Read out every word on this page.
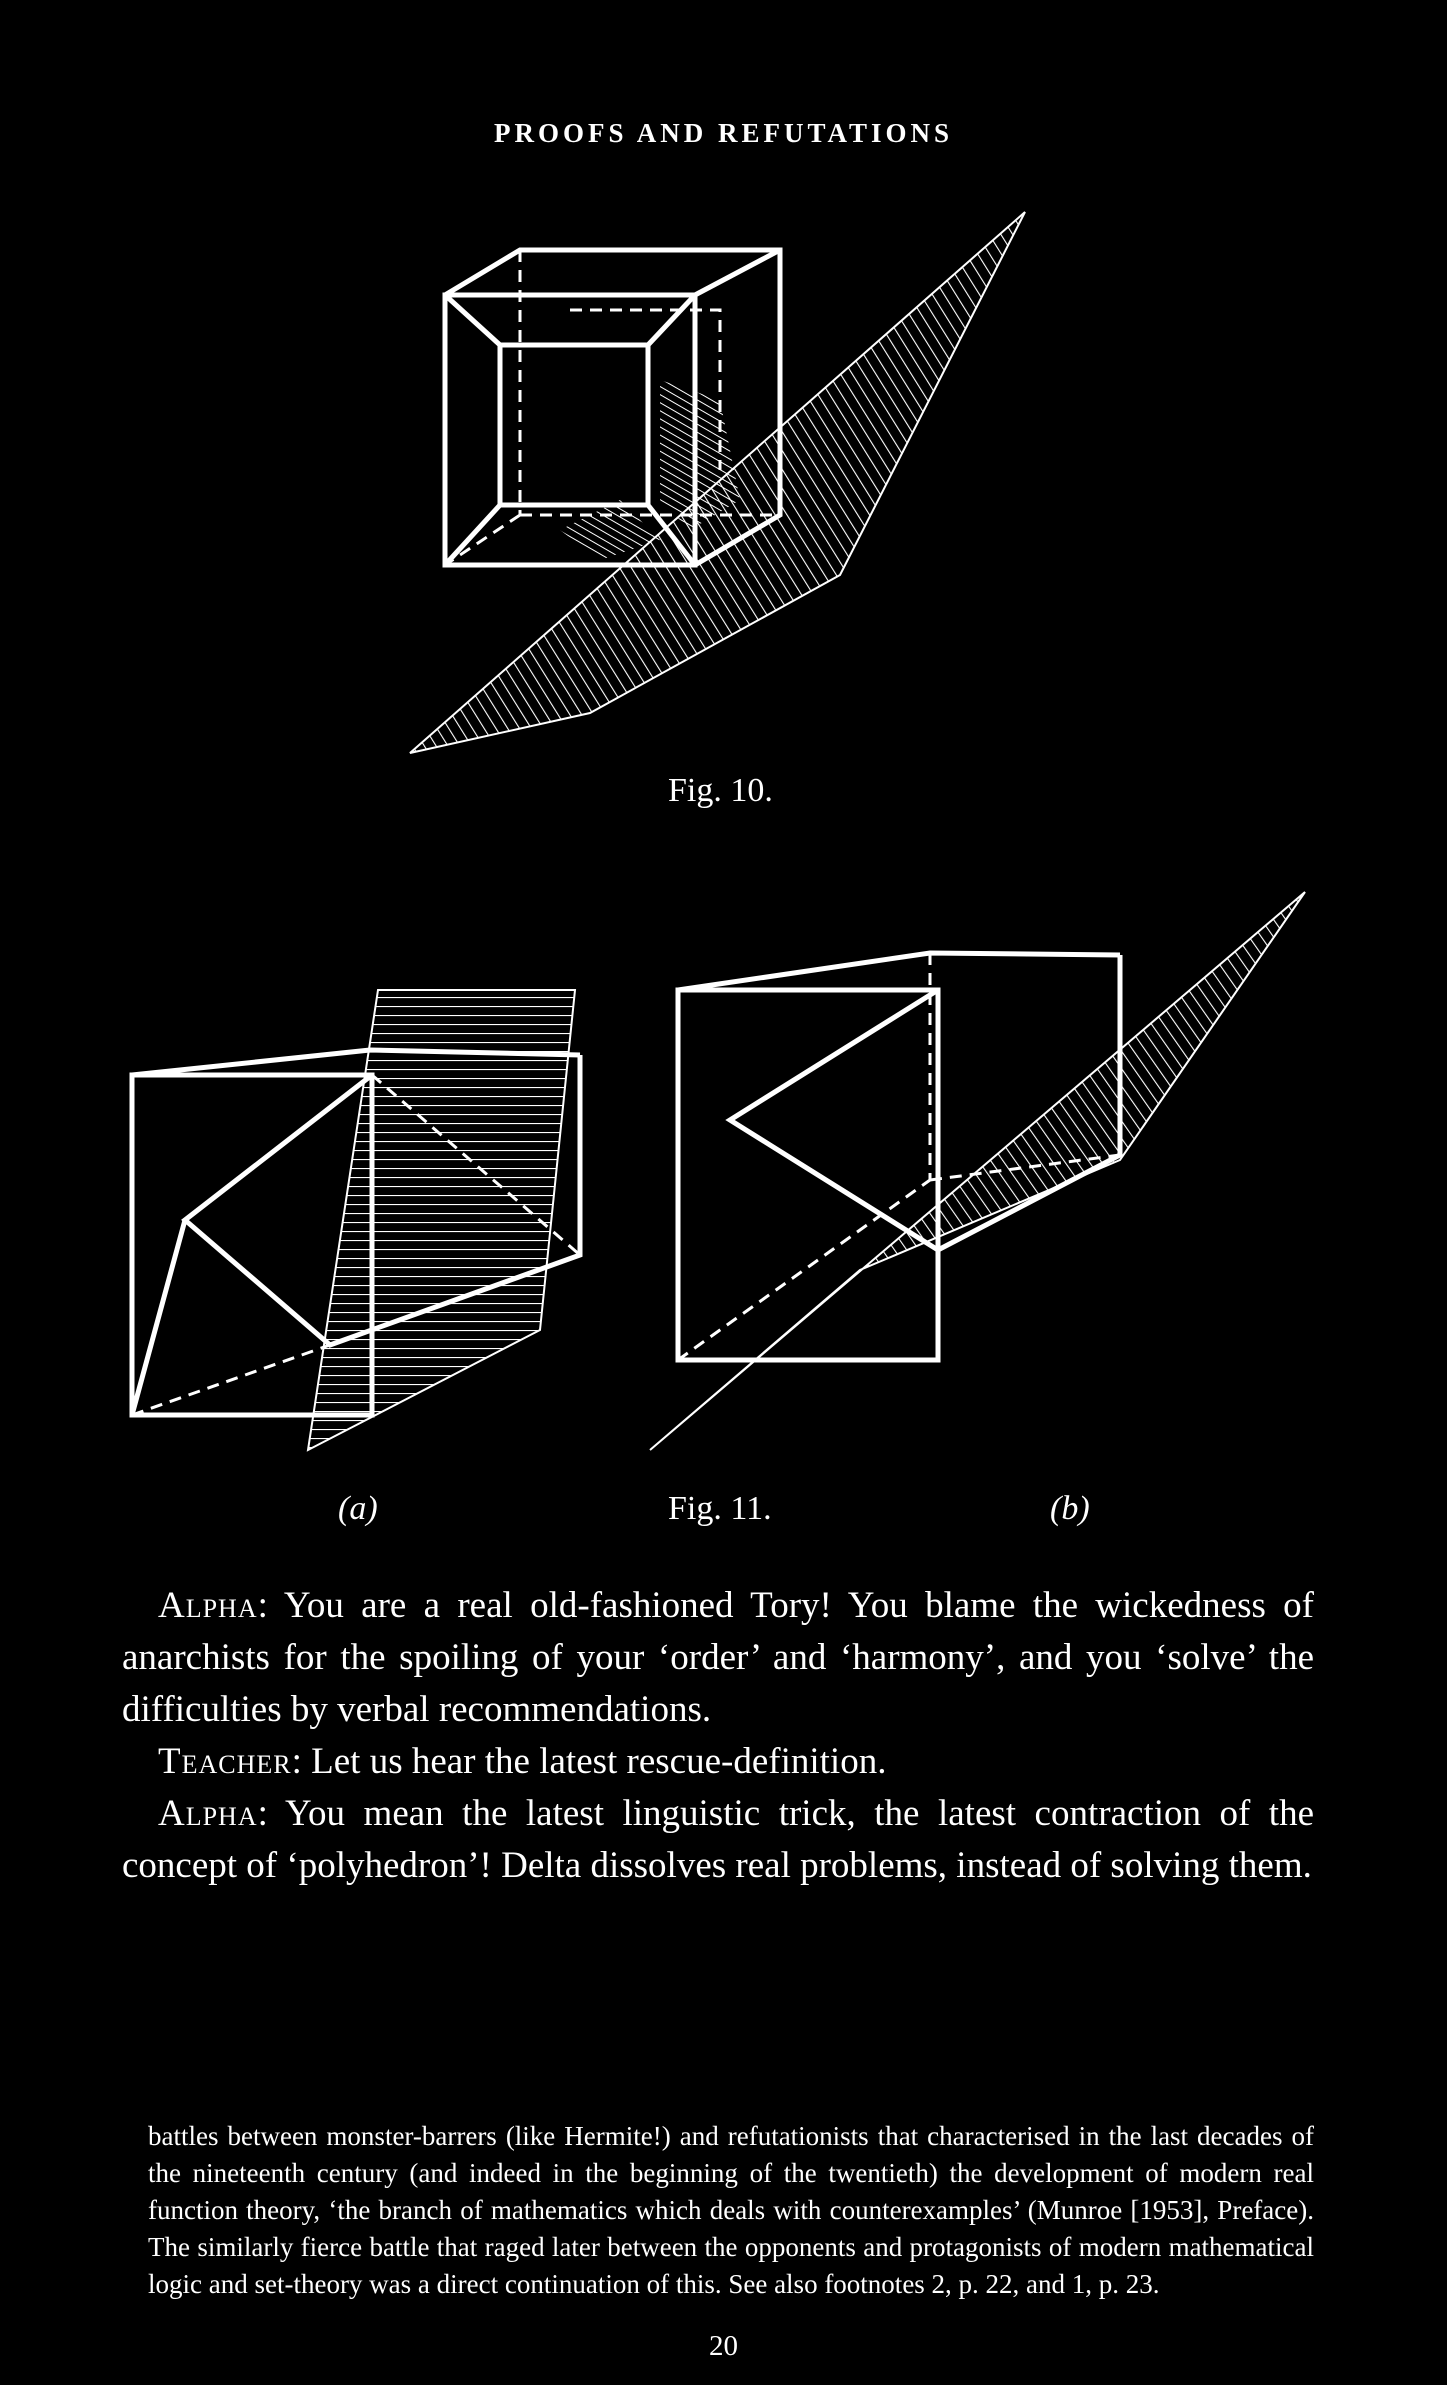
PROOFS AND REFUTATIONS
Fig. 10.
(a)	Fig. 11.	(b)

Alpha: You are a real old-fashioned Tory! You blame the wickedness of anarchists for the spoiling of your ‘order’ and ‘harmony’, and you ‘solve’ the difficulties by verbal recommendations.

Teacher: Let us hear the latest rescue-definition.

Alpha: You mean the latest linguistic trick, the latest contraction of the concept of ‘polyhedron’! Delta dissolves real problems, instead of solving them.

battles between monster-barrers (like Hermite!) and refutationists that characterised in the last decades of the nineteenth century (and indeed in the beginning of the twentieth) the development of modern real function theory, ‘the branch of mathematics which deals with counterexamples’ (Munroe [1953], Preface). The similarly fierce battle that raged later between the opponents and protagonists of modern mathematical logic and set-theory was a direct continuation of this. See also footnotes 2, p. 22, and 1, p. 23.
20
